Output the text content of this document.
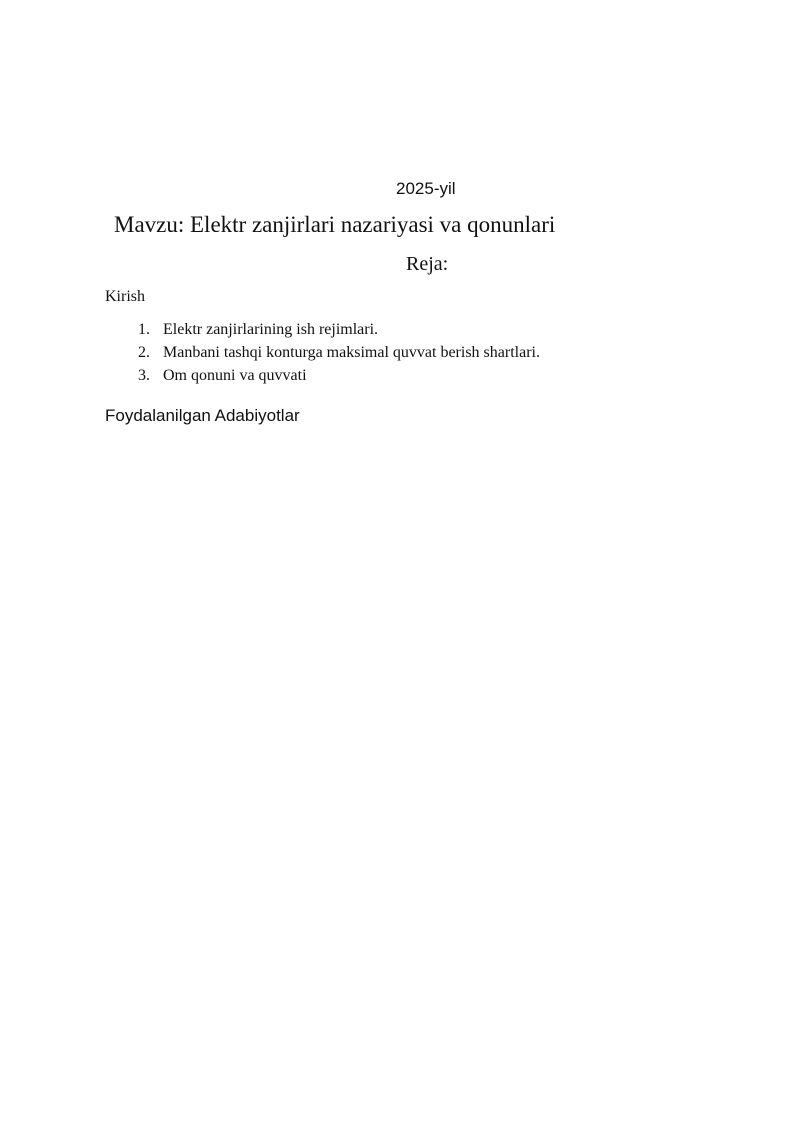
2025-yil
Mavzu: Elektr zanjirlari nazariyasi va qonunlari
Reja:
Kirish
1. Elektr zanjirlarining ish rejimlari.
2. Manbani tashqi konturga maksimal quvvat berish shartlari.
3. Om qonuni va quvvati
Foydalanilgan Adabiyotlar
